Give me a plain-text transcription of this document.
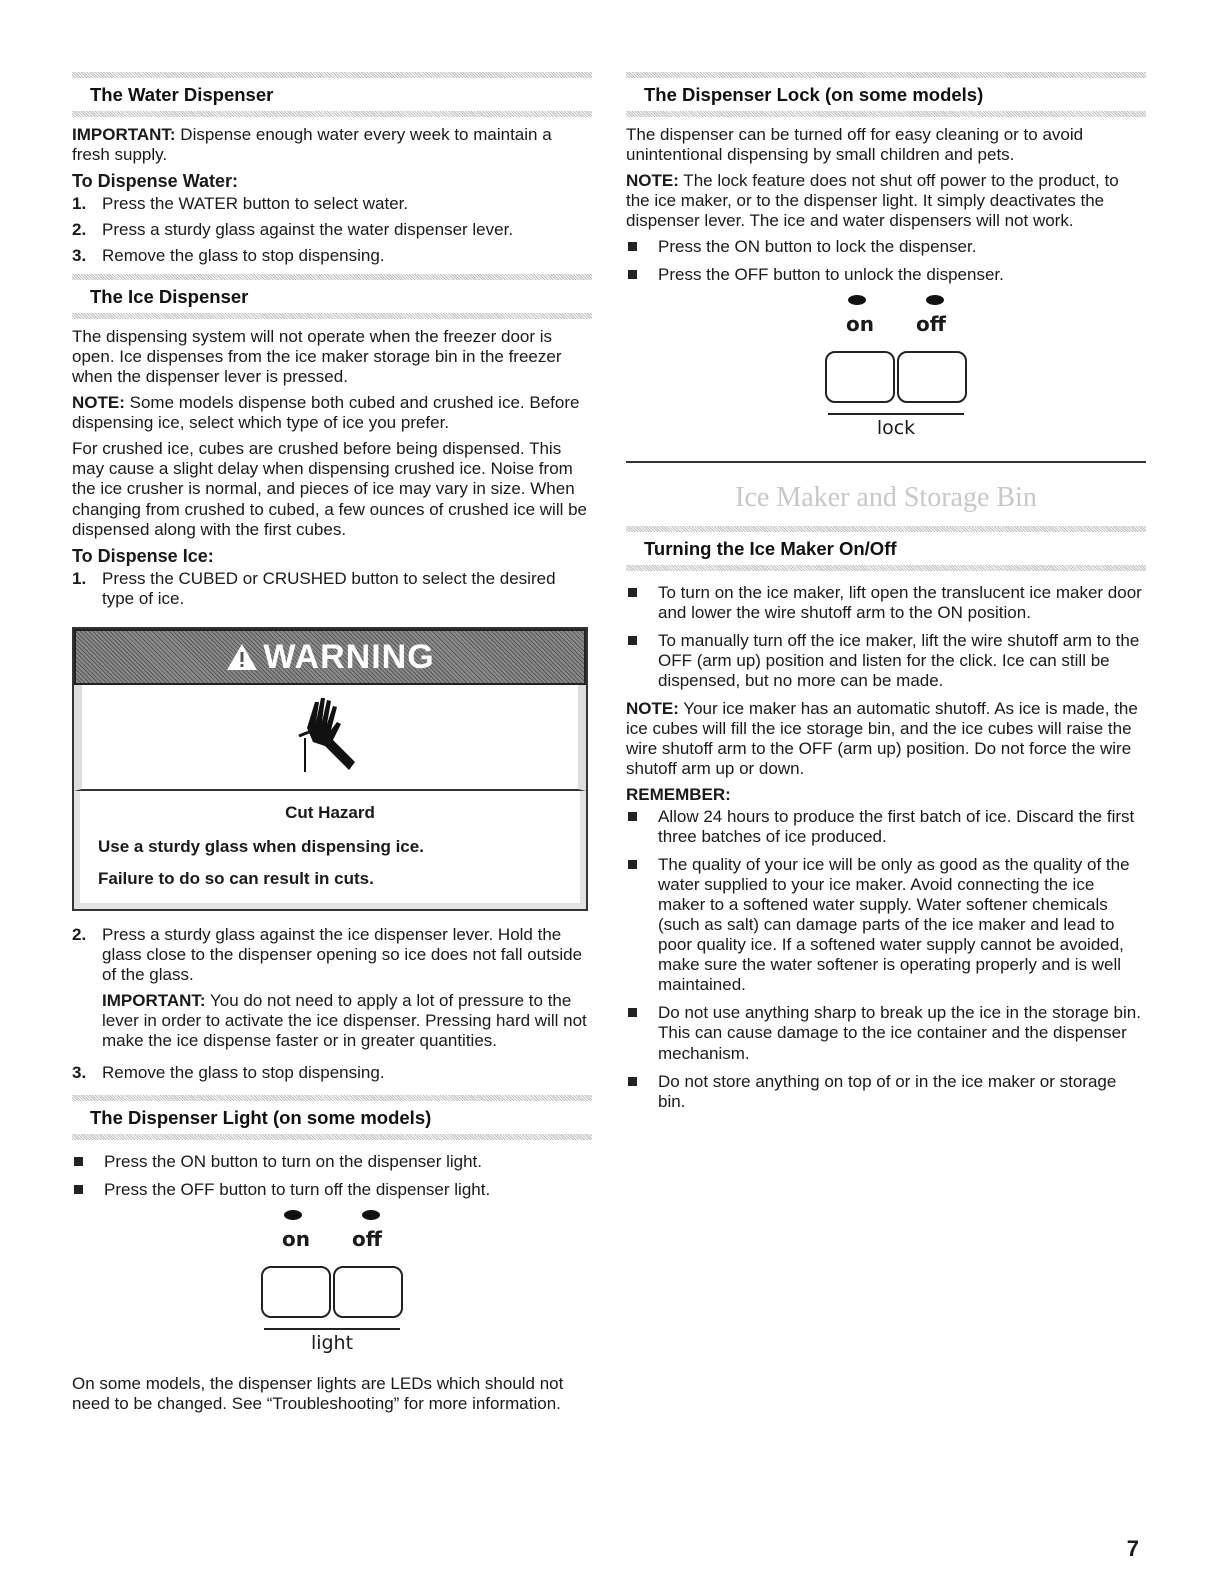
The Water Dispenser

IMPORTANT: Dispense enough water every week to maintain a fresh supply.

To Dispense Water:
1. Press the WATER button to select water.
2. Press a sturdy glass against the water dispenser lever.
3. Remove the glass to stop dispensing.
The Ice Dispenser

The dispensing system will not operate when the freezer door is open. Ice dispenses from the ice maker storage bin in the freezer when the dispenser lever is pressed.

NOTE: Some models dispense both cubed and crushed ice. Before dispensing ice, select which type of ice you prefer.

For crushed ice, cubes are crushed before being dispensed. This may cause a slight delay when dispensing crushed ice. Noise from the ice crusher is normal, and pieces of ice may vary in size. When changing from crushed to cubed, a few ounces of crushed ice will be dispensed along with the first cubes.

To Dispense Ice:
1. Press the CUBED or CRUSHED button to select the desired type of ice.
WARNING
Cut Hazard
Use a sturdy glass when dispensing ice.
Failure to do so can result in cuts.
2. Press a sturdy glass against the ice dispenser lever. Hold the glass close to the dispenser opening so ice does not fall outside of the glass.

IMPORTANT: You do not need to apply a lot of pressure to the lever in order to activate the ice dispenser. Pressing hard will not make the ice dispense faster or in greater quantities.

3. Remove the glass to stop dispensing.
The Dispenser Light (on some models)
Press the ON button to turn on the dispenser light.
Press the OFF button to turn off the dispenser light.
on off
light

On some models, the dispenser lights are LEDs which should not need to be changed. See “Troubleshooting” for more information.

The Dispenser Lock (on some models)

The dispenser can be turned off for easy cleaning or to avoid unintentional dispensing by small children and pets.

NOTE: The lock feature does not shut off power to the product, to the ice maker, or to the dispenser light. It simply deactivates the dispenser lever. The ice and water dispensers will not work.

Press the ON button to lock the dispenser.
Press the OFF button to unlock the dispenser.
on off
lock
Ice Maker and Storage Bin
Turning the Ice Maker On/Off
To turn on the ice maker, lift open the translucent ice maker door and lower the wire shutoff arm to the ON position.
To manually turn off the ice maker, lift the wire shutoff arm to the OFF (arm up) position and listen for the click. Ice can still be dispensed, but no more can be made.

NOTE: Your ice maker has an automatic shutoff. As ice is made, the ice cubes will fill the ice storage bin, and the ice cubes will raise the wire shutoff arm to the OFF (arm up) position. Do not force the wire shutoff arm up or down.

REMEMBER:
Allow 24 hours to produce the first batch of ice. Discard the first three batches of ice produced.
The quality of your ice will be only as good as the quality of the water supplied to your ice maker. Avoid connecting the ice maker to a softened water supply. Water softener chemicals (such as salt) can damage parts of the ice maker and lead to poor quality ice. If a softened water supply cannot be avoided, make sure the water softener is operating properly and is well maintained.
Do not use anything sharp to break up the ice in the storage bin. This can cause damage to the ice container and the dispenser mechanism.
Do not store anything on top of or in the ice maker or storage bin.
7
